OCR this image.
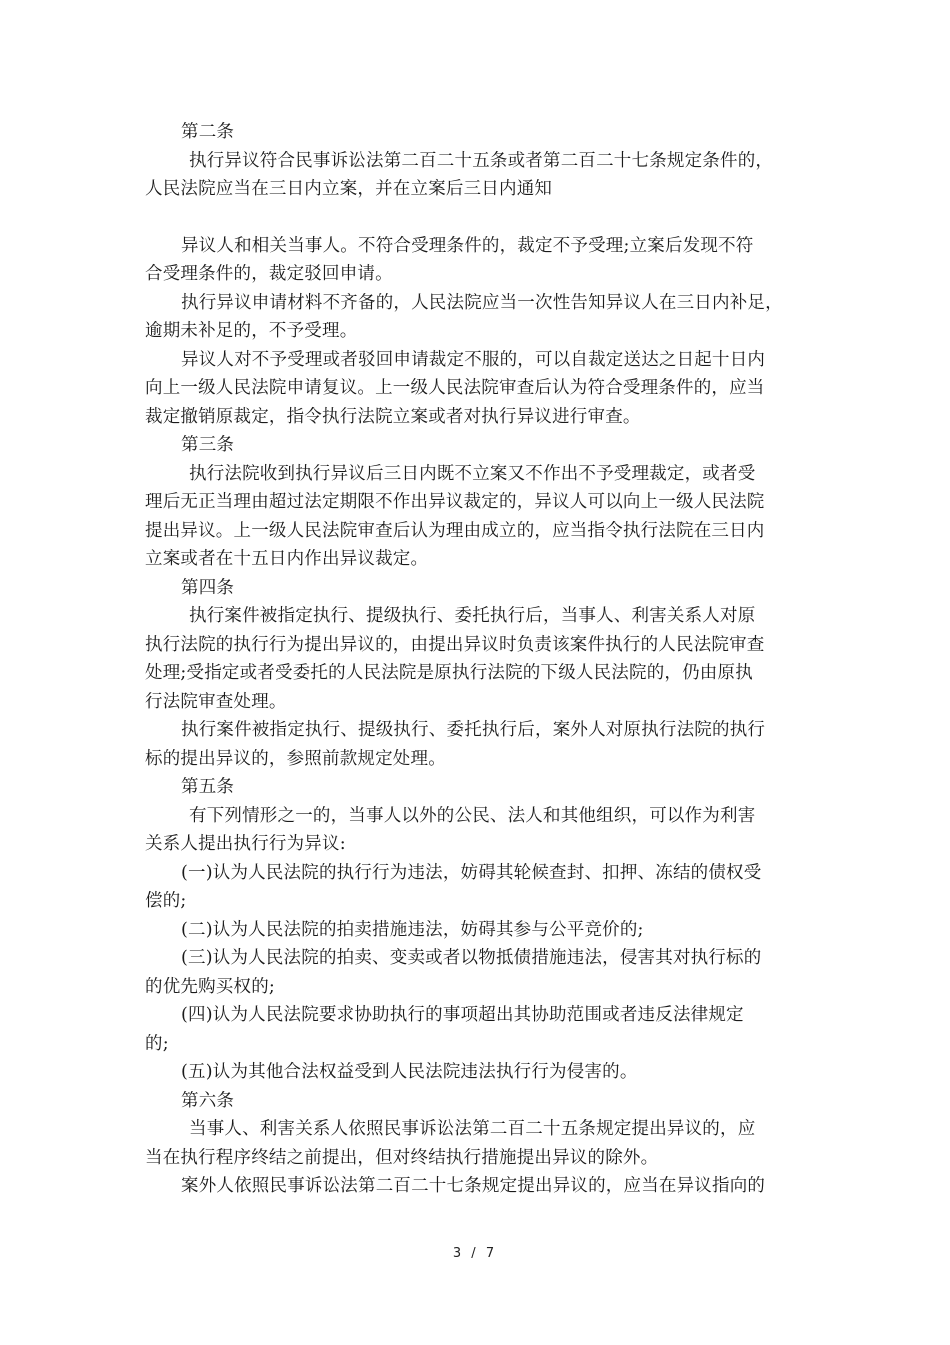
第二条
执行异议符合民事诉讼法第二百二十五条或者第二百二十七条规定条件的，
人民法院应当在三日内立案，并在立案后三日内通知
异议人和相关当事人。不符合受理条件的，裁定不予受理;立案后发现不符
合受理条件的，裁定驳回申请。
执行异议申请材料不齐备的，人民法院应当一次性告知异议人在三日内补足，
逾期未补足的，不予受理。
异议人对不予受理或者驳回申请裁定不服的，可以自裁定送达之日起十日内
向上一级人民法院申请复议。上一级人民法院审查后认为符合受理条件的，应当
裁定撤销原裁定，指令执行法院立案或者对执行异议进行审查。
第三条
执行法院收到执行异议后三日内既不立案又不作出不予受理裁定，或者受
理后无正当理由超过法定期限不作出异议裁定的，异议人可以向上一级人民法院
提出异议。上一级人民法院审查后认为理由成立的，应当指令执行法院在三日内
立案或者在十五日内作出异议裁定。
第四条
执行案件被指定执行、提级执行、委托执行后，当事人、利害关系人对原
执行法院的执行行为提出异议的，由提出异议时负责该案件执行的人民法院审查
处理;受指定或者受委托的人民法院是原执行法院的下级人民法院的，仍由原执
行法院审查处理。
执行案件被指定执行、提级执行、委托执行后，案外人对原执行法院的执行
标的提出异议的，参照前款规定处理。
第五条
有下列情形之一的，当事人以外的公民、法人和其他组织，可以作为利害
关系人提出执行行为异议:
(一)认为人民法院的执行行为违法，妨碍其轮候查封、扣押、冻结的债权受
偿的;
(二)认为人民法院的拍卖措施违法，妨碍其参与公平竞价的;
(三)认为人民法院的拍卖、变卖或者以物抵债措施违法，侵害其对执行标的
的优先购买权的;
(四)认为人民法院要求协助执行的事项超出其协助范围或者违反法律规定
的;
(五)认为其他合法权益受到人民法院违法执行行为侵害的。
第六条
当事人、利害关系人依照民事诉讼法第二百二十五条规定提出异议的，应
当在执行程序终结之前提出，但对终结执行措施提出异议的除外。
案外人依照民事诉讼法第二百二十七条规定提出异议的，应当在异议指向的
3 / 7
